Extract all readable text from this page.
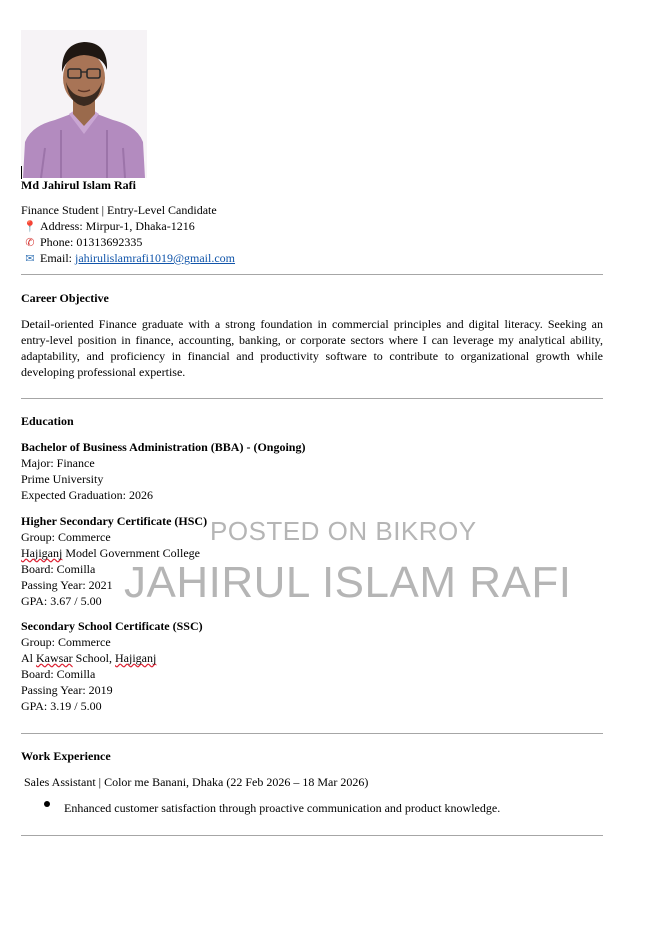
Md Jahirul Islam Rafi

Finance Student | Entry-Level Candidate

📍 Address: Mirpur-1, Dhaka-1216

✆ Phone: 01313692335

✉ Email: jahirulislamrafi1019@gmail.com

Career Objective

Detail-oriented Finance graduate with a strong foundation in commercial principles and digital literacy. Seeking an entry-level position in finance, accounting, banking, or corporate sectors where I can leverage my analytical ability, adaptability, and proficiency in financial and productivity software to contribute to organizational growth while developing professional expertise.

Education

Bachelor of Business Administration (BBA) - (Ongoing)

Major: Finance

Prime University

Expected Graduation: 2026

Higher Secondary Certificate (HSC)

Group: Commerce

Hajiganj Model Government College

Board: Comilla

Passing Year: 2021

GPA: 3.67 / 5.00

Secondary School Certificate (SSC)

Group: Commerce

Al Kawsar School, Hajiganj

Board: Comilla

Passing Year: 2019

GPA: 3.19 / 5.00

Work Experience

Sales Assistant | Color me Banani, Dhaka (22 Feb 2026 – 18 Mar 2026)

Enhanced customer satisfaction through proactive communication and product knowledge.

POSTED ON BIKROY
JAHIRUL ISLAM RAFI
